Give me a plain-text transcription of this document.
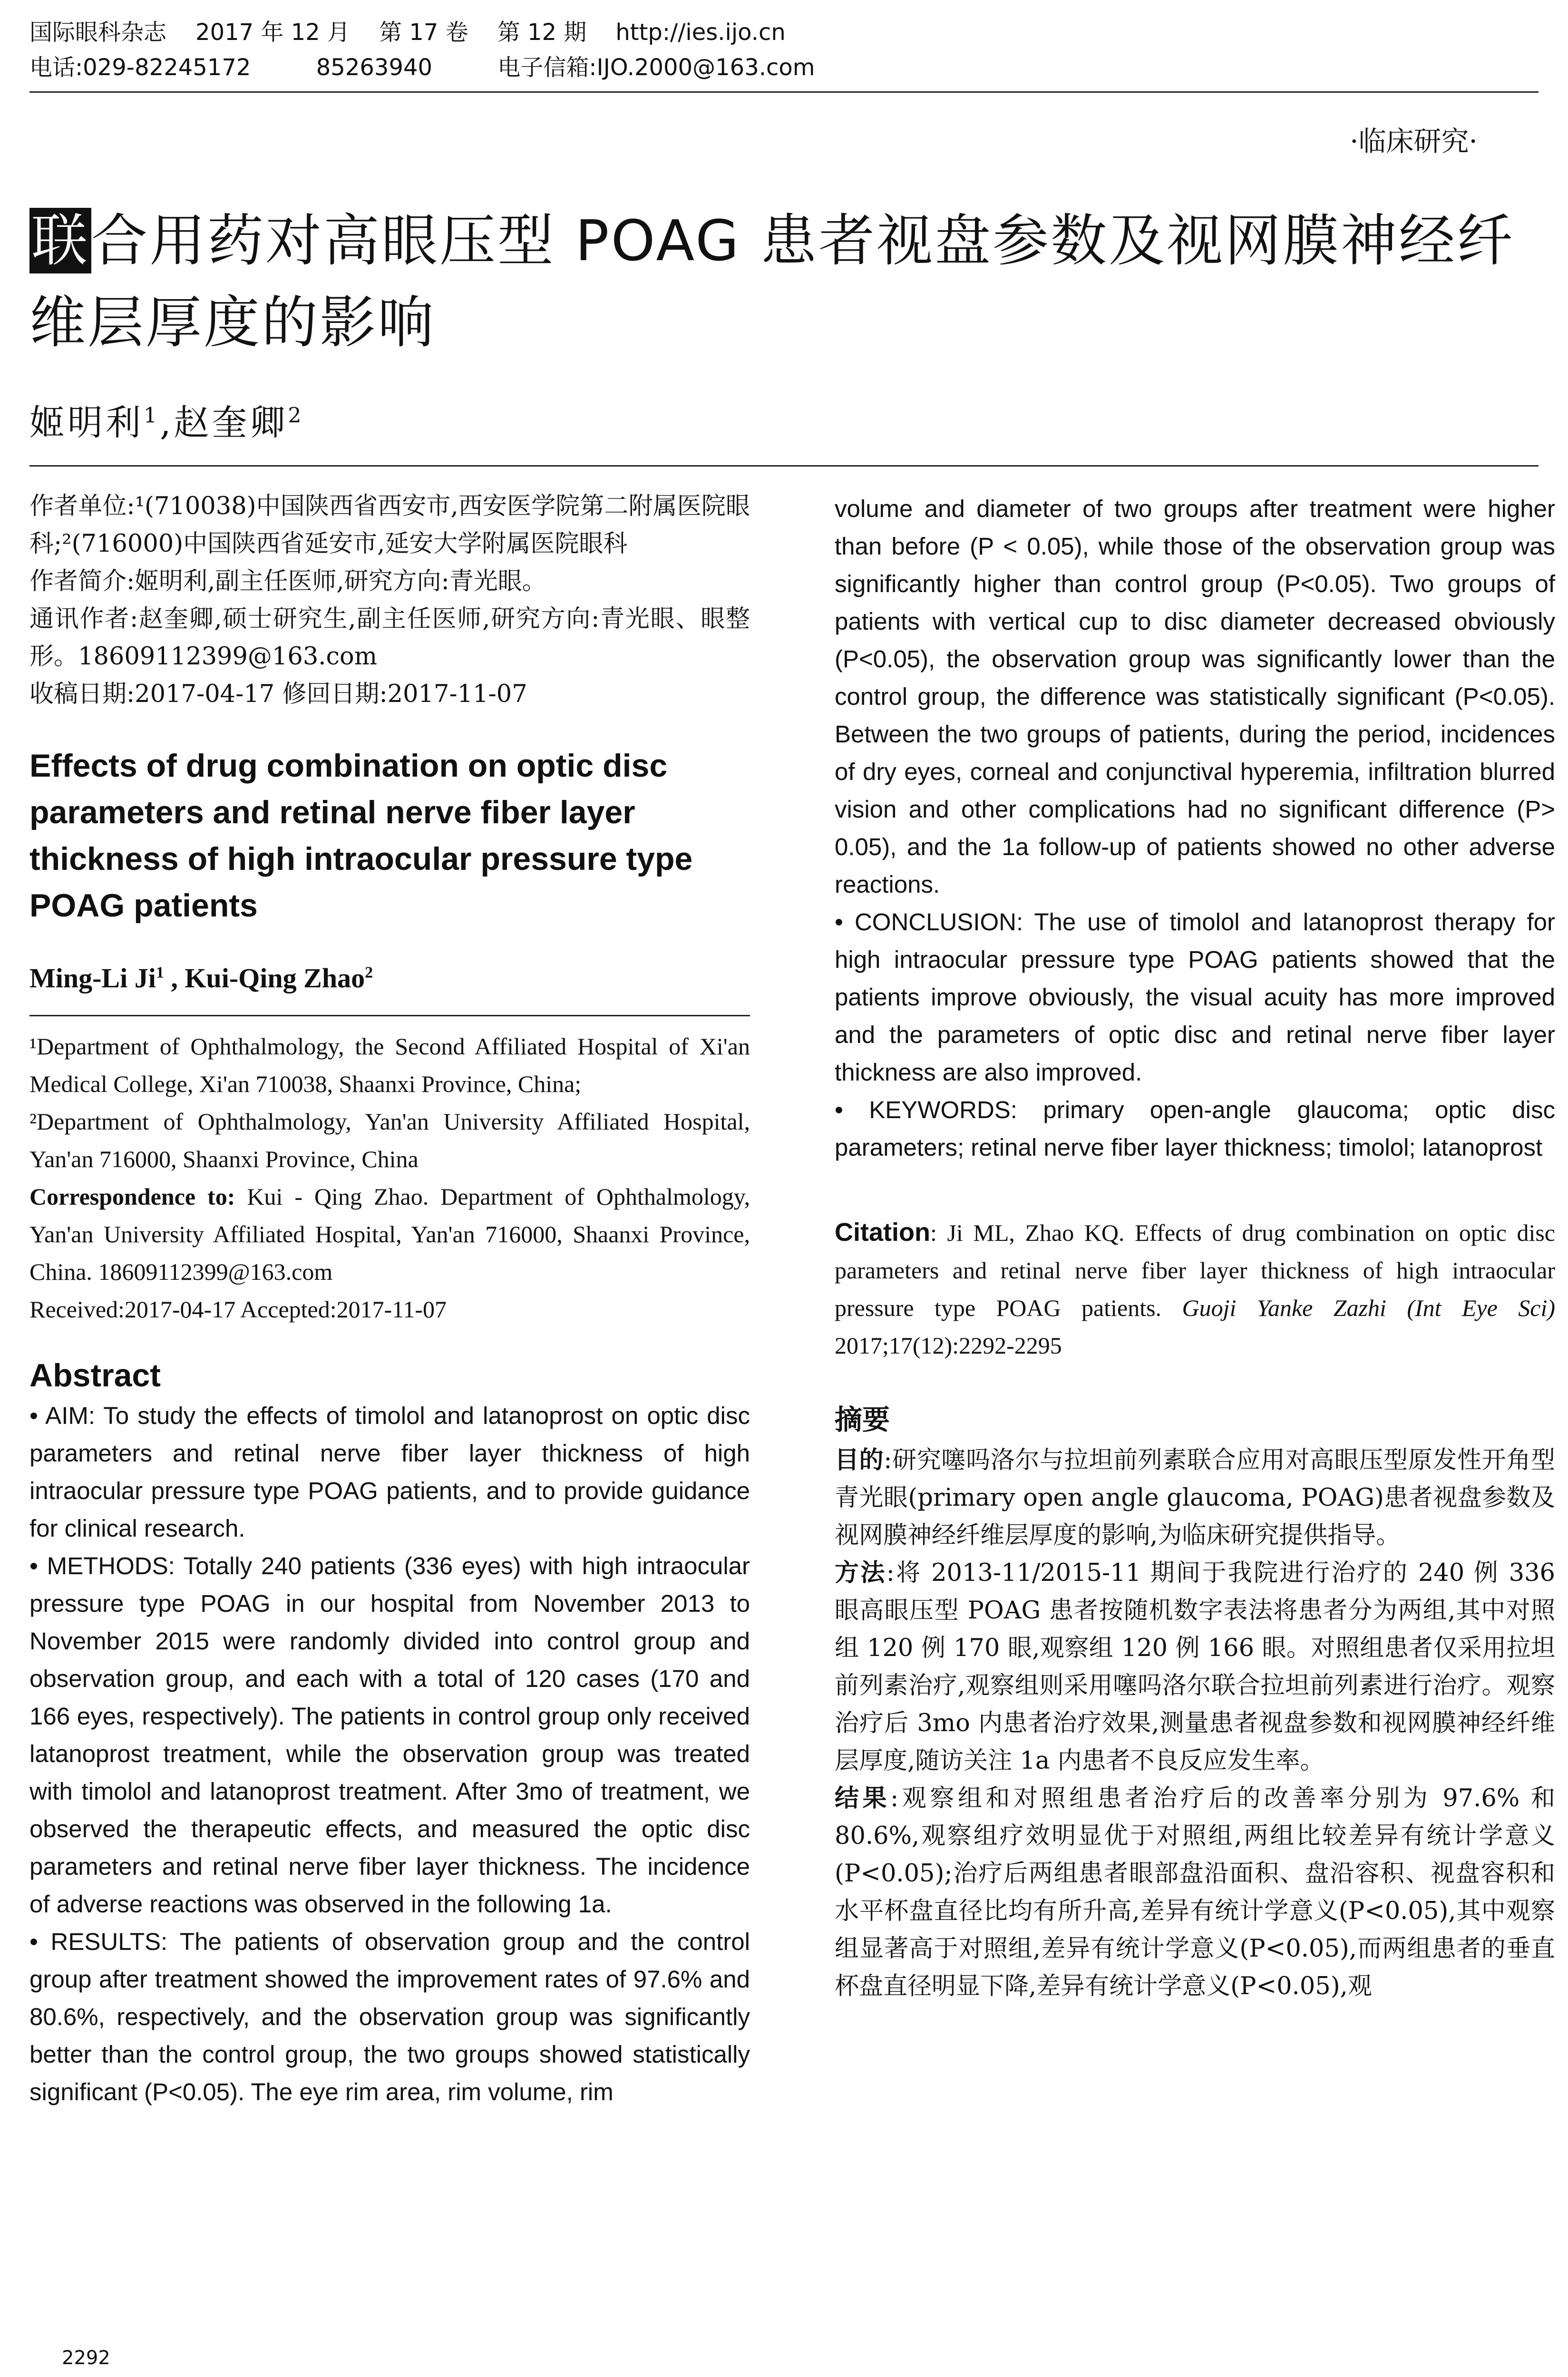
国际眼科杂志    2017 年 12 月    第 17 卷    第 12 期    http://ies.ijo.cn
电话:029-82245172         85263940         电子信箱:IJO.2000@163.com
·临床研究·
联合用药对高眼压型 POAG 患者视盘参数及视网膜神经纤维层厚度的影响
姬明利$^1$,赵奎卿$^2$

作者单位:¹(710038)中国陕西省西安市,西安医学院第二附属医院眼科;²(716000)中国陕西省延安市,延安大学附属医院眼科

作者简介:姬明利,副主任医师,研究方向:青光眼。

通讯作者:赵奎卿,硕士研究生,副主任医师,研究方向:青光眼、眼整形。18609112399@163.com

收稿日期:2017-04-17 修回日期:2017-11-07

Effects of drug combination on optic disc parameters and retinal nerve fiber layer thickness of high intraocular pressure type POAG patients
Ming-Li Ji$^1$ , Kui-Qing Zhao$^2$

¹Department of Ophthalmology, the Second Affiliated Hospital of Xi'an Medical College, Xi'an 710038, Shaanxi Province, China;

²Department of Ophthalmology, Yan'an University Affiliated Hospital, Yan'an 716000, Shaanxi Province, China

Correspondence to: Kui - Qing Zhao. Department of Ophthalmology, Yan'an University Affiliated Hospital, Yan'an 716000, Shaanxi Province, China. 18609112399@163.com

Received:2017-04-17 Accepted:2017-11-07

Abstract

• AIM: To study the effects of timolol and latanoprost on optic disc parameters and retinal nerve fiber layer thickness of high intraocular pressure type POAG patients, and to provide guidance for clinical research.

• METHODS: Totally 240 patients (336 eyes) with high intraocular pressure type POAG in our hospital from November 2013 to November 2015 were randomly divided into control group and observation group, and each with a total of 120 cases (170 and 166 eyes, respectively). The patients in control group only received latanoprost treatment, while the observation group was treated with timolol and latanoprost treatment. After 3mo of treatment, we observed the therapeutic effects, and measured the optic disc parameters and retinal nerve fiber layer thickness. The incidence of adverse reactions was observed in the following 1a.

• RESULTS: The patients of observation group and the control group after treatment showed the improvement rates of 97.6% and 80.6%, respectively, and the observation group was significantly better than the control group, the two groups showed statistically significant (P<0.05). The eye rim area, rim volume, rim

volume and diameter of two groups after treatment were higher than before (P < 0.05), while those of the observation group was significantly higher than control group (P<0.05). Two groups of patients with vertical cup to disc diameter decreased obviously (P<0.05), the observation group was significantly lower than the control group, the difference was statistically significant (P<0.05). Between the two groups of patients, during the period, incidences of dry eyes, corneal and conjunctival hyperemia, infiltration blurred vision and other complications had no significant difference (P> 0.05), and the 1a follow-up of patients showed no other adverse reactions.

• CONCLUSION: The use of timolol and latanoprost therapy for high intraocular pressure type POAG patients showed that the patients improve obviously, the visual acuity has more improved and the parameters of optic disc and retinal nerve fiber layer thickness are also improved.

• KEYWORDS: primary open-angle glaucoma; optic disc parameters; retinal nerve fiber layer thickness; timolol; latanoprost

Citation: Ji ML, Zhao KQ. Effects of drug combination on optic disc parameters and retinal nerve fiber layer thickness of high intraocular pressure type POAG patients. Guoji Yanke Zazhi (Int Eye Sci) 2017;17(12):2292-2295

摘要

目的:研究噻吗洛尔与拉坦前列素联合应用对高眼压型原发性开角型青光眼(primary open angle glaucoma, POAG)患者视盘参数及视网膜神经纤维层厚度的影响,为临床研究提供指导。

方法:将 2013-11/2015-11 期间于我院进行治疗的 240 例 336 眼高眼压型 POAG 患者按随机数字表法将患者分为两组,其中对照组 120 例 170 眼,观察组 120 例 166 眼。对照组患者仅采用拉坦前列素治疗,观察组则采用噻吗洛尔联合拉坦前列素进行治疗。观察治疗后 3mo 内患者治疗效果,测量患者视盘参数和视网膜神经纤维层厚度,随访关注 1a 内患者不良反应发生率。

结果:观察组和对照组患者治疗后的改善率分别为 97.6% 和 80.6%,观察组疗效明显优于对照组,两组比较差异有统计学意义(P<0.05);治疗后两组患者眼部盘沿面积、盘沿容积、视盘容积和水平杯盘直径比均有所升高,差异有统计学意义(P<0.05),其中观察组显著高于对照组,差异有统计学意义(P<0.05),而两组患者的垂直杯盘直径明显下降,差异有统计学意义(P<0.05),观

2292
